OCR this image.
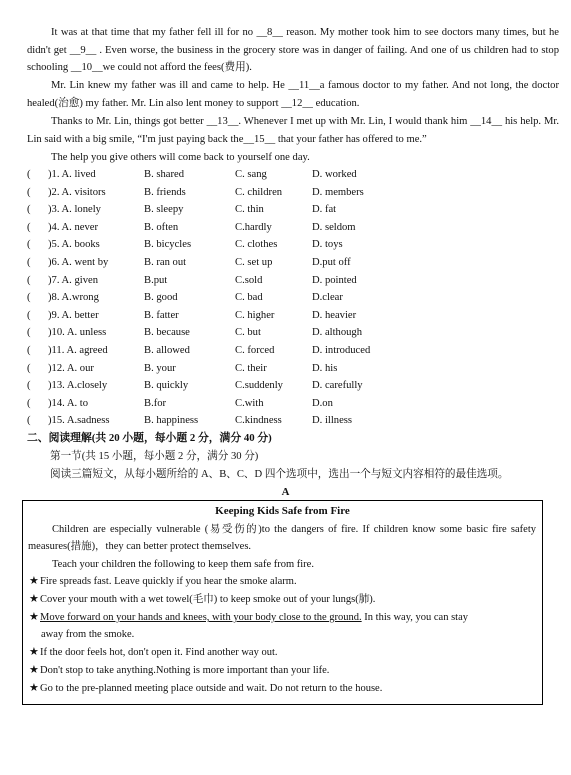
It was at that time that my father fell ill for no __8__ reason. My mother took him to see doctors many times, but he didn't get __9__ . Even worse, the business in the grocery store was in danger of failing. And one of us children had to stop schooling __10__we could not afford the fees(费用).

Mr. Lin knew my father was ill and came to help. He __11__a famous doctor to my father. And not long, the doctor healed(治愈) my father. Mr. Lin also lent money to support __12__ education.

Thanks to Mr. Lin, things got better __13__. Whenever I met up with Mr. Lin, I would thank him __14__ his help. Mr. Lin said with a big smile, “I'm just paying back the__15__ that your father has offered to me.”

The help you give others will come back to yourself one day.

( )1. A. lived	B. shared	C. sang	D. worked
( )2. A. visitors	B. friends	C. children	D. members
( )3. A. lonely	B. sleepy	C. thin	D. fat
( )4. A. never	B. often	C.hardly	D. seldom
( )5. A. books	B. bicycles	C. clothes	D. toys
( )6. A. went by	B. ran out	C. set up	D.put off
( )7. A. given	B.put	C.sold	D. pointed
( )8. A.wrong	B. good	C. bad	D.clear
( )9. A. better	B. fatter	C. higher	D. heavier
( )10. A. unless	B. because	C. but	D. although
( )11. A. agreed	B. allowed	C. forced	D. introduced
( )12. A. our	B. your	C. their	D. his
( )13. A.closely	B. quickly	C.suddenly	D. carefully
( )14. A. to	B.for	C.with	D.on
( )15. A.sadness	B. happiness	C.kindness	D. illness
二、阅读理解(共 20 小题，每小题 2 分，满分 40 分)
第一节(共 15 小题，每小题 2 分，满分 30 分)
阅读三篇短文，从每小题所给的 A、B、C、D 四个选项中，选出一个与短文内容相符的最佳选项。
A
Keeping Kids Safe from Fire

Children are especially vulnerable (易受伤的)to the dangers of fire. If children know some basic fire safety measures(措施)，they can better protect themselves.

Teach your children the following to keep them safe from fire.

★Fire spreads fast. Leave quickly if you hear the smoke alarm.
★Cover your mouth with a wet towel(毛巾) to keep smoke out of your lungs(肺).
★Move forward on your hands and knees, with your body close to the ground. In this way, you can stay
away from the smoke.
★If the door feels hot, don't open it. Find another way out.
★Don't stop to take anything.Nothing is more important than your life.
★Go to the pre-planned meeting place outside and wait. Do not return to the house.
